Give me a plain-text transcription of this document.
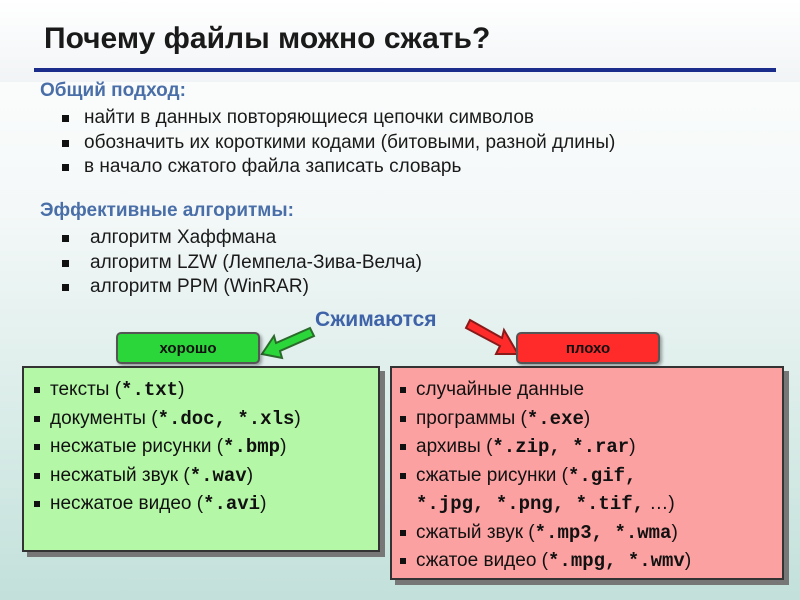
Почему файлы можно сжать?
Общий подход:
найти в данных повторяющиеся цепочки символов
обозначить их короткими кодами (битовыми, разной длины)
в начало сжатого файла записать словарь
Эффективные алгоритмы:
алгоритм Хаффмана
алгоритм LZW (Лемпела-Зива-Велча)
алгоритм PPM (WinRAR)
Сжимаются
хорошо	плохо
тексты (*.txt)
документы (*.doc, *.xls)
несжатые рисунки (*.bmp)
несжатый звук (*.wav)
несжатое видео (*.avi)
случайные данные
программы (*.exe)
архивы (*.zip, *.rar)
сжатые рисунки (*.gif,
*.jpg, *.png, *.tif, …)
сжатый звук (*.mp3, *.wma)
сжатое видео (*.mpg, *.wmv)
